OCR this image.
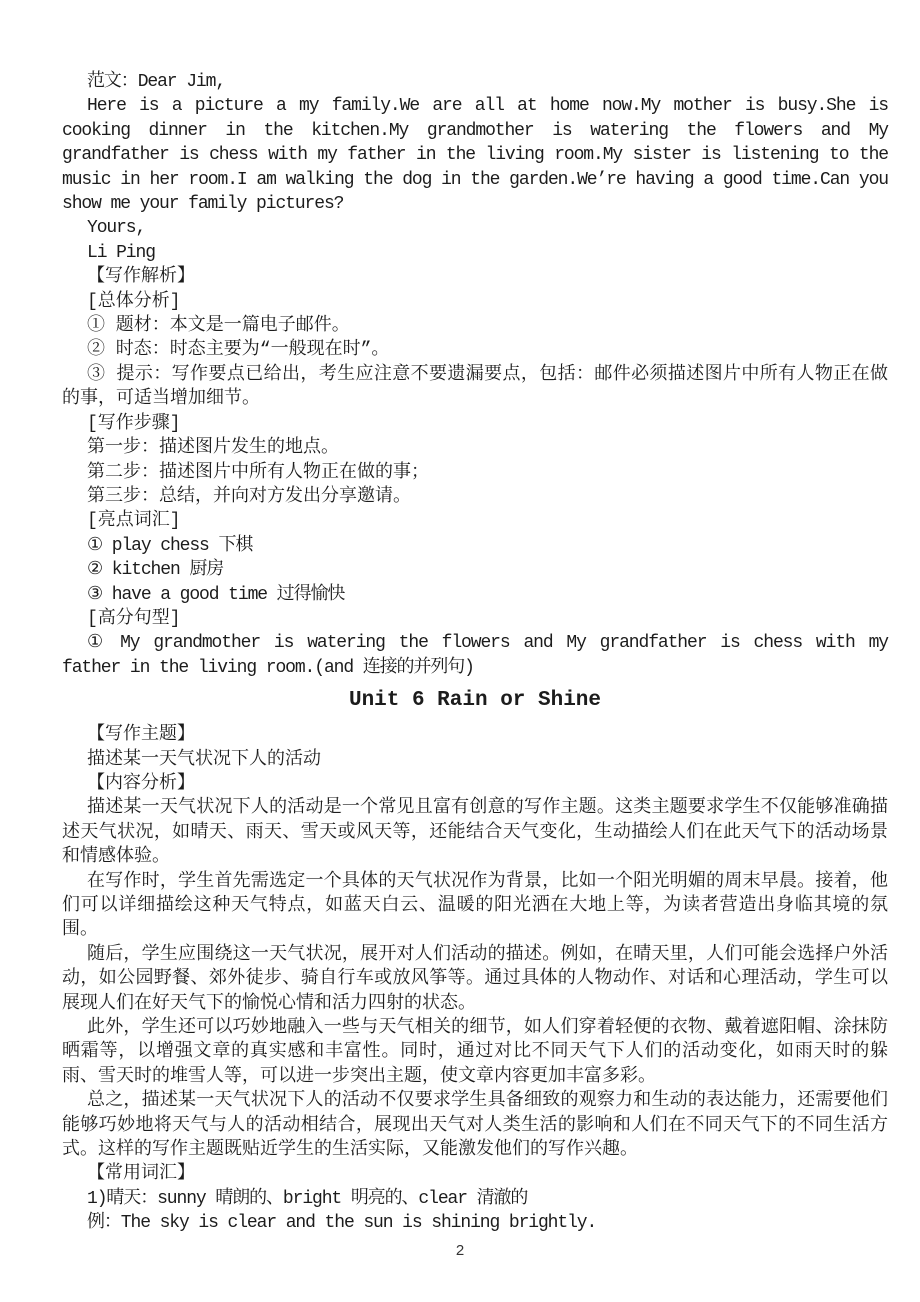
范文：Dear Jim,
Here is a picture a my family.We are all at home now.My mother is busy.She is cooking dinner in the kitchen.My grandmother is watering the flowers and My grandfather is chess with my father in the living room.My sister is listening to the music in her room.I am walking the dog in the garden.We’re having a good time.Can you show me your family pictures?
Yours,
Li Ping
【写作解析】
[总体分析]
① 题材：本文是一篇电子邮件。
② 时态：时态主要为“一般现在时”。
③ 提示：写作要点已给出，考生应注意不要遗漏要点，包括：邮件必须描述图片中所有人物正在做的事，可适当增加细节。
[写作步骤]
第一步：描述图片发生的地点。
第二步：描述图片中所有人物正在做的事；
第三步：总结，并向对方发出分享邀请。
[亮点词汇]
① play chess 下棋
② kitchen 厨房
③ have a good time 过得愉快
[高分句型]
① My grandmother is watering the flowers and My grandfather is chess with my father in the living room.(and 连接的并列句)
Unit 6 Rain or Shine
【写作主题】
描述某一天气状况下人的活动
【内容分析】
描述某一天气状况下人的活动是一个常见且富有创意的写作主题。这类主题要求学生不仅能够准确描述天气状况，如晴天、雨天、雪天或风天等，还能结合天气变化，生动描绘人们在此天气下的活动场景和情感体验。
在写作时，学生首先需选定一个具体的天气状况作为背景，比如一个阳光明媚的周末早晨。接着，他们可以详细描绘这种天气特点，如蓝天白云、温暖的阳光洒在大地上等，为读者营造出身临其境的氛围。
随后，学生应围绕这一天气状况，展开对人们活动的描述。例如，在晴天里，人们可能会选择户外活动，如公园野餐、郊外徒步、骑自行车或放风筝等。通过具体的人物动作、对话和心理活动，学生可以展现人们在好天气下的愉悦心情和活力四射的状态。
此外，学生还可以巧妙地融入一些与天气相关的细节，如人们穿着轻便的衣物、戴着遮阳帽、涂抹防晒霜等，以增强文章的真实感和丰富性。同时，通过对比不同天气下人们的活动变化，如雨天时的躲雨、雪天时的堆雪人等，可以进一步突出主题，使文章内容更加丰富多彩。
总之，描述某一天气状况下人的活动不仅要求学生具备细致的观察力和生动的表达能力，还需要他们能够巧妙地将天气与人的活动相结合，展现出天气对人类生活的影响和人们在不同天气下的不同生活方式。这样的写作主题既贴近学生的生活实际，又能激发他们的写作兴趣。
【常用词汇】
1)晴天：sunny 晴朗的、bright 明亮的、clear 清澈的
例：The sky is clear and the sun is shining brightly.
2
